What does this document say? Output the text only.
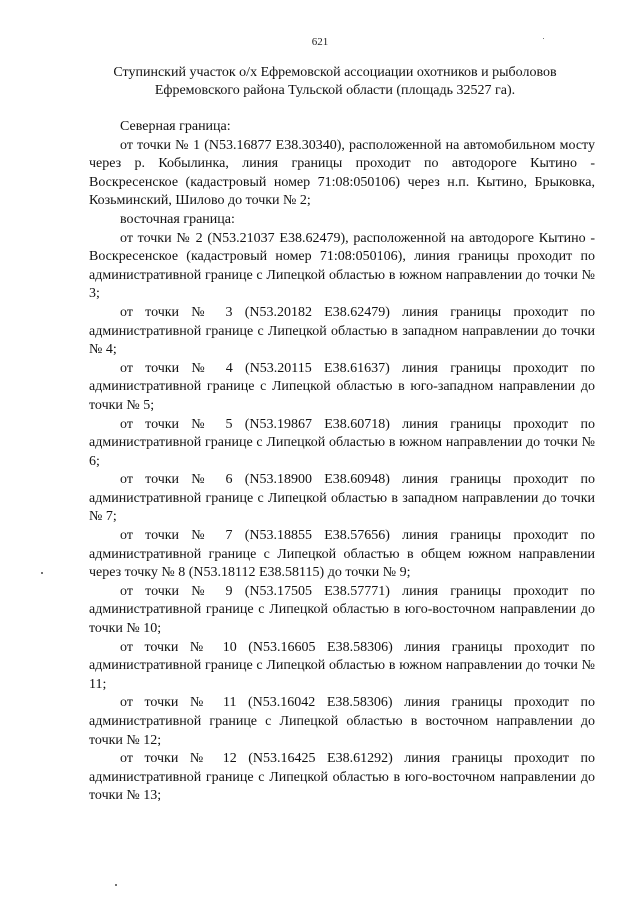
621
Ступинский участок о/х Ефремовской ассоциации охотников и рыболовов
Ефремовского района Тульской области (площадь 32527 га).

Северная граница:

от точки № 1 (N53.16877 E38.30340), расположенной на автомобильном мосту через р. Кобылинка, линия границы проходит по автодороге Кытино - Воскресенское (кадастровый номер 71:08:050106) через н.п. Кытино, Брыковка, Козьминский, Шилово до точки № 2;

восточная граница:

от точки № 2 (N53.21037 E38.62479), расположенной на автодороге Кытино - Воскресенское (кадастровый номер 71:08:050106), линия границы проходит по административной границе с Липецкой областью в южном направлении до точки № 3;

от точки № 3 (N53.20182 E38.62479) линия границы проходит по административной границе с Липецкой областью в западном направлении до точки № 4;

от точки № 4 (N53.20115 E38.61637) линия границы проходит по административной границе с Липецкой областью в юго-западном направлении до точки № 5;

от точки № 5 (N53.19867 E38.60718) линия границы проходит по административной границе с Липецкой областью в южном направлении до точки № 6;

от точки № 6 (N53.18900 E38.60948) линия границы проходит по административной границе с Липецкой областью в западном направлении до точки № 7;

от точки № 7 (N53.18855 E38.57656) линия границы проходит по административной границе с Липецкой областью в общем южном направлении через точку № 8 (N53.18112 E38.58115) до точки № 9;

от точки № 9 (N53.17505 E38.57771) линия границы проходит по административной границе с Липецкой областью в юго-восточном направлении до точки № 10;

от точки № 10 (N53.16605 E38.58306) линия границы проходит по административной границе с Липецкой областью в южном направлении до точки № 11;

от точки № 11 (N53.16042 E38.58306) линия границы проходит по административной границе с Липецкой областью в восточном направлении до точки № 12;

от точки № 12 (N53.16425 E38.61292) линия границы проходит по административной границе с Липецкой областью в юго-восточном направлении до точки № 13;
